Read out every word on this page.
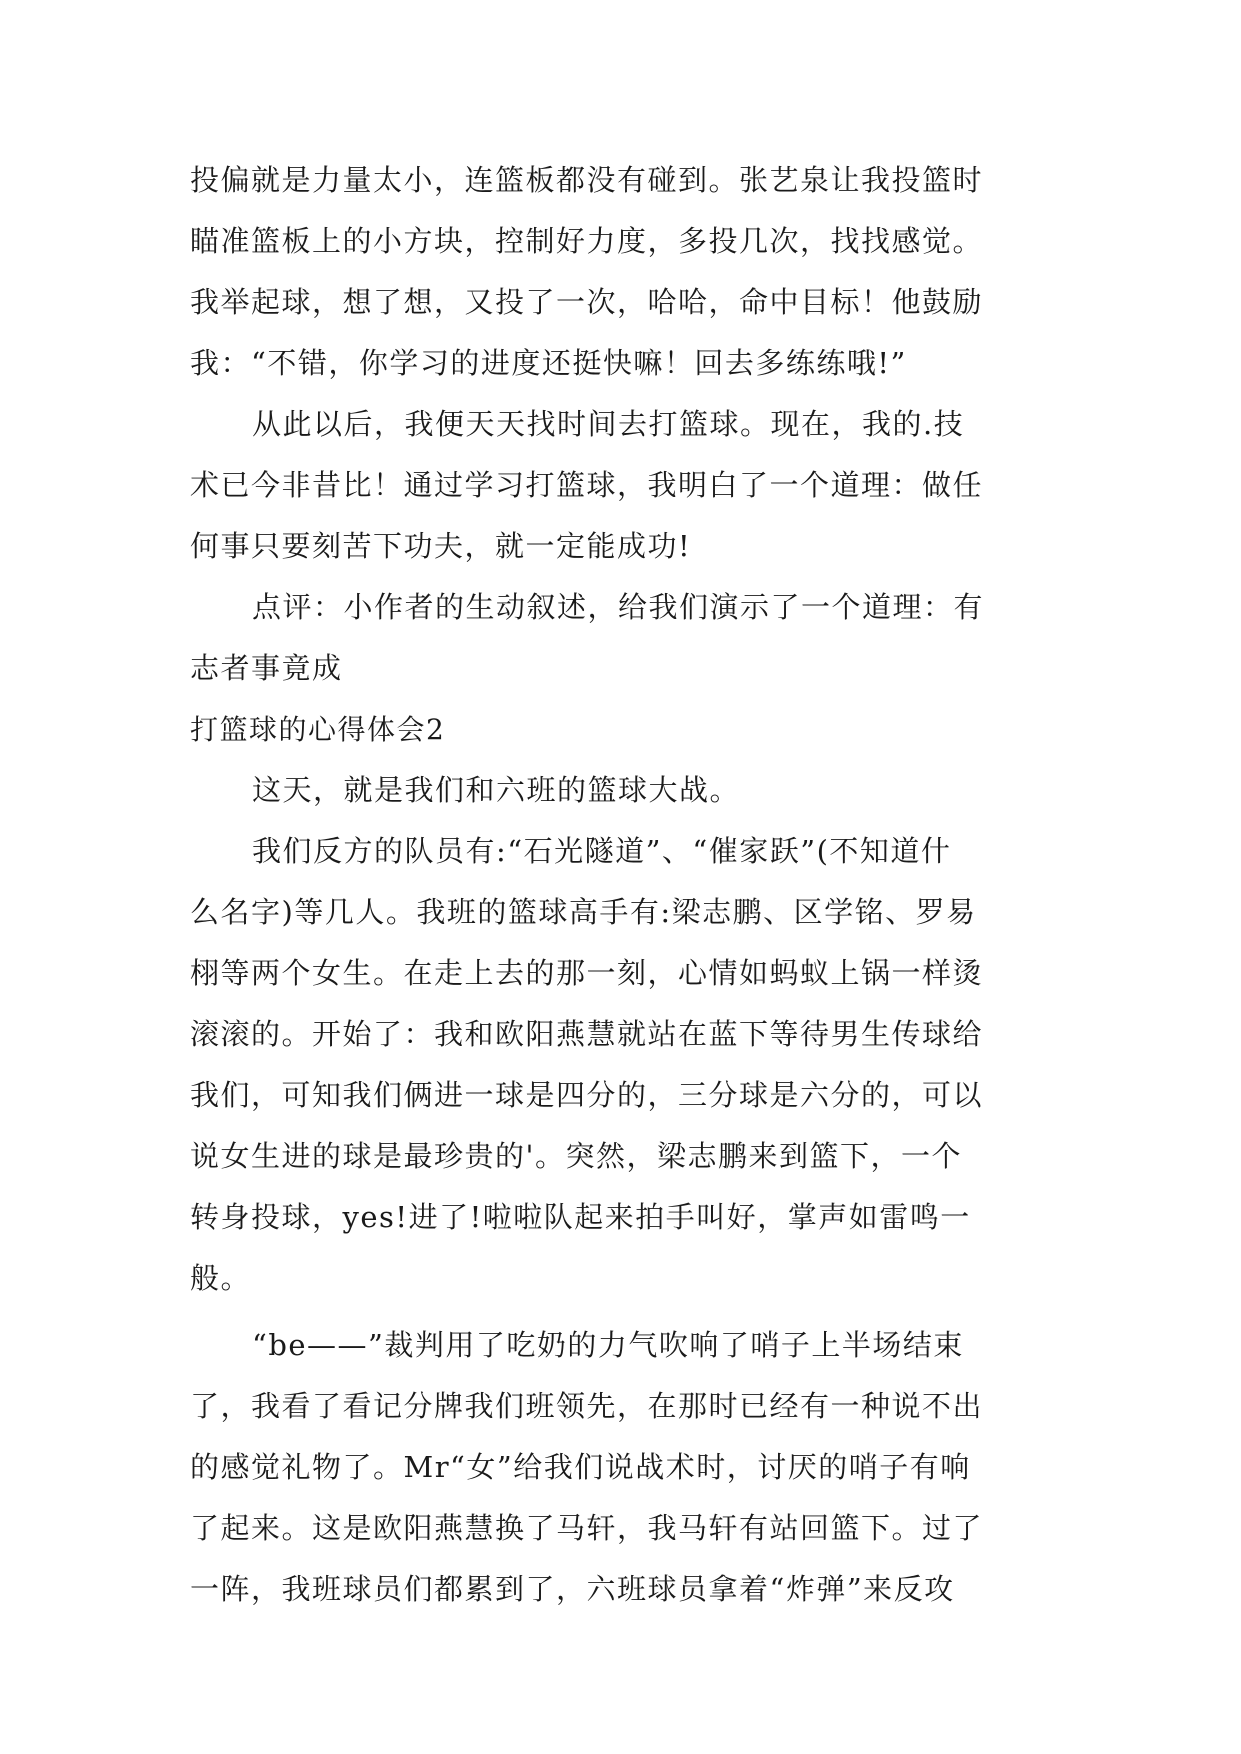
投偏就是力量太小，连篮板都没有碰到。张艺泉让我投篮时
瞄准篮板上的小方块，控制好力度，多投几次，找找感觉。
我举起球，想了想，又投了一次，哈哈，命中目标！他鼓励
我：“不错，你学习的进度还挺快嘛！回去多练练哦!”
从此以后，我便天天找时间去打篮球。现在，我的.技
术已今非昔比！通过学习打篮球，我明白了一个道理：做任
何事只要刻苦下功夫，就一定能成功!
点评：小作者的生动叙述，给我们演示了一个道理：有
志者事竟成
打篮球的心得体会2
这天，就是我们和六班的篮球大战。
我们反方的队员有:“石光隧道”、“催家跃”(不知道什
么名字)等几人。我班的篮球高手有:梁志鹏、区学铭、罗易
栩等两个女生。在走上去的那一刻，心情如蚂蚁上锅一样烫
滚滚的。开始了：我和欧阳燕慧就站在蓝下等待男生传球给
我们，可知我们俩进一球是四分的，三分球是六分的，可以
说女生进的球是最珍贵的'。突然，梁志鹏来到篮下，一个
转身投球，yes!进了!啦啦队起来拍手叫好，掌声如雷鸣一
般。
“be——”裁判用了吃奶的力气吹响了哨子上半场结束
了，我看了看记分牌我们班领先，在那时已经有一种说不出
的感觉礼物了。Mr“女”给我们说战术时，讨厌的哨子有响
了起来。这是欧阳燕慧换了马轩，我马轩有站回篮下。过了
一阵，我班球员们都累到了，六班球员拿着“炸弹”来反攻
